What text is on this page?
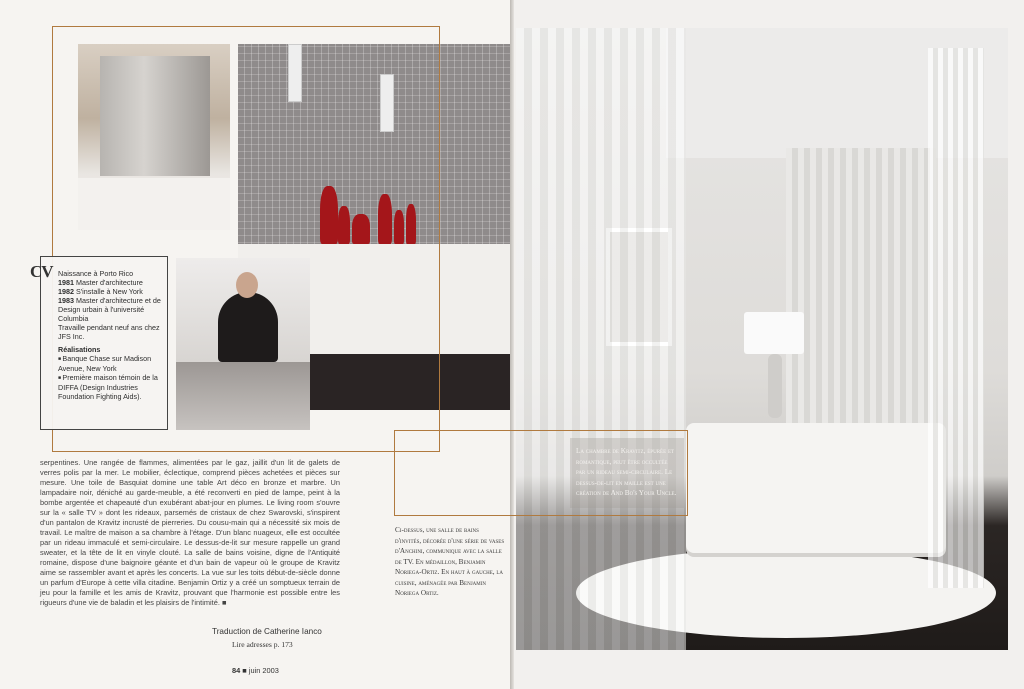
CV Naissance à Porto Rico

1981 Master d'architecture

1982 S'installe à New York

1983 Master d'architecture et de Design urbain à l'université Columbia

Travaille pendant neuf ans chez JFS Inc.

Réalisations

■ Banque Chase sur Madison Avenue, New York

■ Première maison témoin de la DIFFA (Design Industries Foundation Fighting Aids).

serpentines. Une rangée de flammes, alimentées par le gaz, jaillit d'un lit de galets de verres polis par la mer. Le mobilier, éclectique, comprend pièces achetées et pièces sur mesure. Une toile de Basquiat domine une table Art déco en bronze et marbre. Un lampadaire noir, déniché au garde-meuble, a été reconverti en pied de lampe, peint à la bombe argentée et chapeauté d'un exubérant abat-jour en plumes. Le living room s'ouvre sur la « salle TV » dont les rideaux, parsemés de cristaux de chez Swarovski, s'inspirent d'un pantalon de Kravitz incrusté de pierreries. Du cousu-main qui a nécessité six mois de travail. Le maître de maison a sa chambre à l'étage. D'un blanc nuageux, elle est occultée par un rideau immaculé et semi-circulaire. Le dessus-de-lit sur mesure rappelle un grand sweater, et la tête de lit en vinyle clouté. La salle de bains voisine, digne de l'Antiquité romaine, dispose d'une baignoire géante et d'un bain de vapeur où le groupe de Kravitz aime se rassembler avant et après les concerts. La vue sur les toits début-de-siècle donne un parfum d'Europe à cette villa citadine. Benjamin Ortiz y a créé un somptueux terrain de jeu pour la famille et les amis de Kravitz, prouvant que l'harmonie est possible entre les rigueurs d'une vie de baladin et les plaisirs de l'intimité. ■

Traduction de Catherine Ianco
Lire adresses p. 173
84 ■ juin 2003
Ci-dessus, une salle de bains d'invités, décorée d'une série de vases d'Anchini, communique avec la salle de TV. En médaillon, Benjamin Noriega-Ortiz. En haut à gauche, la cuisine, aménagée par Benjamin Noriega Ortiz.
La chambre de Kravitz, épurée et romantique, peut être occultée par un rideau semi-circulaire. Le dessus-de-lit en maille est une création de And Bo's Your Uncle.
